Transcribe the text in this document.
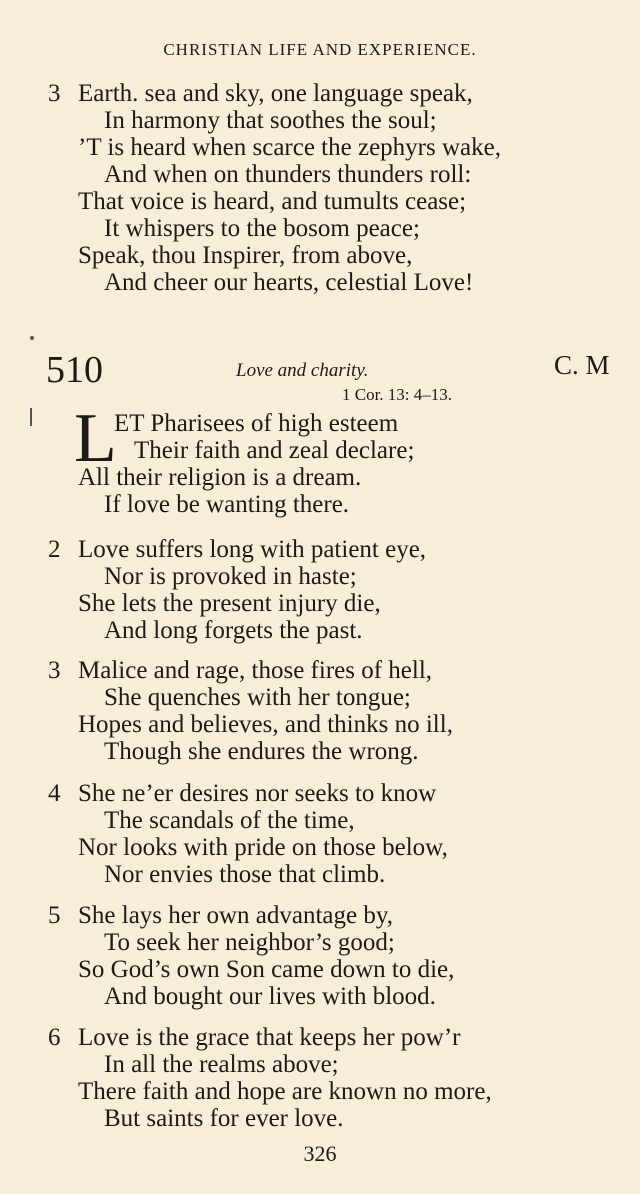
CHRISTIAN LIFE AND EXPERIENCE.
3 Earth. sea and sky, one language speak,
In harmony that soothes the soul;
’T is heard when scarce the zephyrs wake,
And when on thunders thunders roll:
That voice is heard, and tumults cease;
It whispers to the bosom peace;
Speak, thou Inspirer, from above,
And cheer our hearts, celestial Love!
510	Love and charity.	C. M
1 Cor. 13: 4–13.
L
ET Pharisees of high esteem
Their faith and zeal declare;
All their religion is a dream.
If love be wanting there.
2 Love suffers long with patient eye,
Nor is provoked in haste;
She lets the present injury die,
And long forgets the past.
3 Malice and rage, those fires of hell,
She quenches with her tongue;
Hopes and believes, and thinks no ill,
Though she endures the wrong.
4 She ne’er desires nor seeks to know
The scandals of the time,
Nor looks with pride on those below,
Nor envies those that climb.
5 She lays her own advantage by,
To seek her neighbor’s good;
So God’s own Son came down to die,
And bought our lives with blood.
6 Love is the grace that keeps her pow’r
In all the realms above;
There faith and hope are known no more,
But saints for ever love.
326
